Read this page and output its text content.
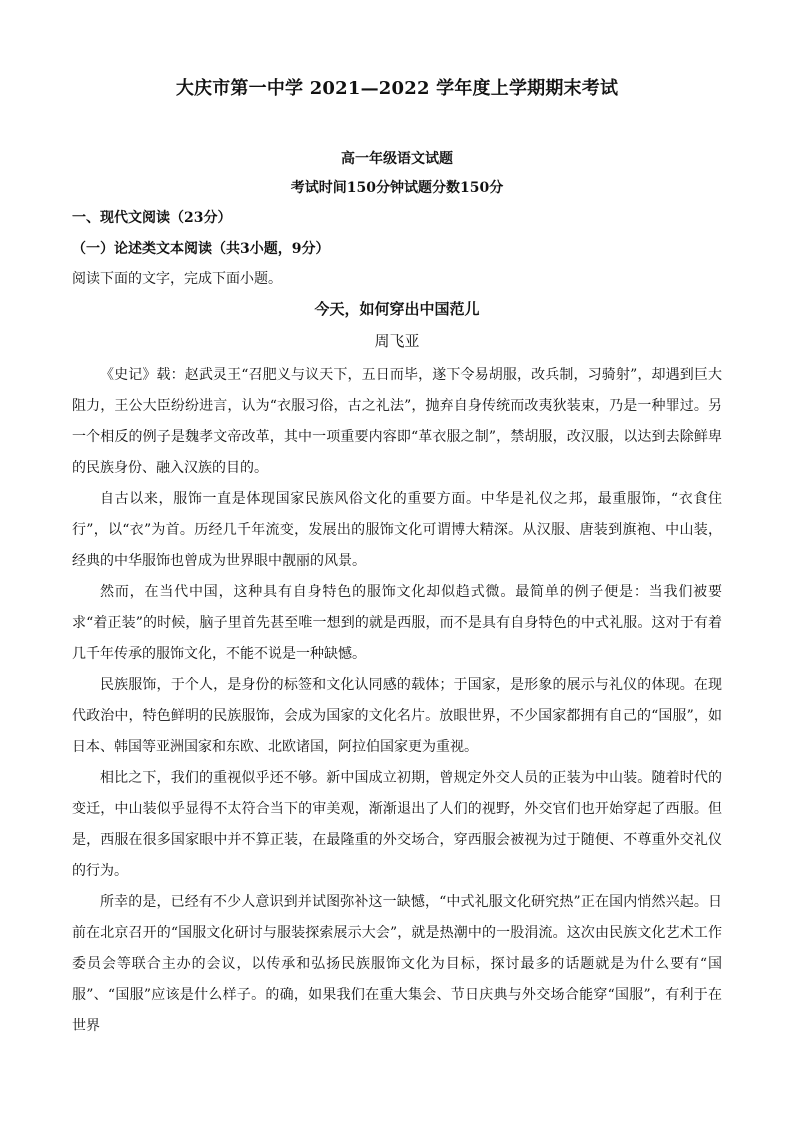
大庆市第一中学 2021—2022 学年度上学期期末考试
高一年级语文试题
考试时间150分钟试题分数150分
一、现代文阅读（23分）
（一）论述类文本阅读（共3小题，9分）
阅读下面的文字，完成下面小题。
今天，如何穿出中国范儿
周飞亚

《史记》载：赵武灵王“召肥义与议天下，五日而毕，遂下令易胡服，改兵制，习骑射”，却遇到巨大阻力，王公大臣纷纷进言，认为“衣服习俗，古之礼法”，抛弃自身传统而改夷狄装束，乃是一种罪过。另一个相反的例子是魏孝文帝改革，其中一项重要内容即“革衣服之制”，禁胡服，改汉服，以达到去除鲜卑的民族身份、融入汉族的目的。

自古以来，服饰一直是体现国家民族风俗文化的重要方面。中华是礼仪之邦，最重服饰，“衣食住行”，以“衣”为首。历经几千年流变，发展出的服饰文化可谓博大精深。从汉服、唐装到旗袍、中山装，经典的中华服饰也曾成为世界眼中靓丽的风景。

然而，在当代中国，这种具有自身特色的服饰文化却似趋式微。最简单的例子便是：当我们被要求“着正装”的时候，脑子里首先甚至唯一想到的就是西服，而不是具有自身特色的中式礼服。这对于有着几千年传承的服饰文化，不能不说是一种缺憾。

民族服饰，于个人，是身份的标签和文化认同感的载体；于国家，是形象的展示与礼仪的体现。在现代政治中，特色鲜明的民族服饰，会成为国家的文化名片。放眼世界，不少国家都拥有自己的“国服”，如日本、韩国等亚洲国家和东欧、北欧诸国，阿拉伯国家更为重视。

相比之下，我们的重视似乎还不够。新中国成立初期，曾规定外交人员的正装为中山装。随着时代的变迁，中山装似乎显得不太符合当下的审美观，渐渐退出了人们的视野，外交官们也开始穿起了西服。但是，西服在很多国家眼中并不算正装，在最隆重的外交场合，穿西服会被视为过于随便、不尊重外交礼仪的行为。

所幸的是，已经有不少人意识到并试图弥补这一缺憾，“中式礼服文化研究热”正在国内悄然兴起。日前在北京召开的“国服文化研讨与服装探索展示大会”，就是热潮中的一股涓流。这次由民族文化艺术工作委员会等联合主办的会议，以传承和弘扬民族服饰文化为目标，探讨最多的话题就是为什么要有“国服”、“国服”应该是什么样子。的确，如果我们在重大集会、节日庆典与外交场合能穿“国服”，有利于在世界
